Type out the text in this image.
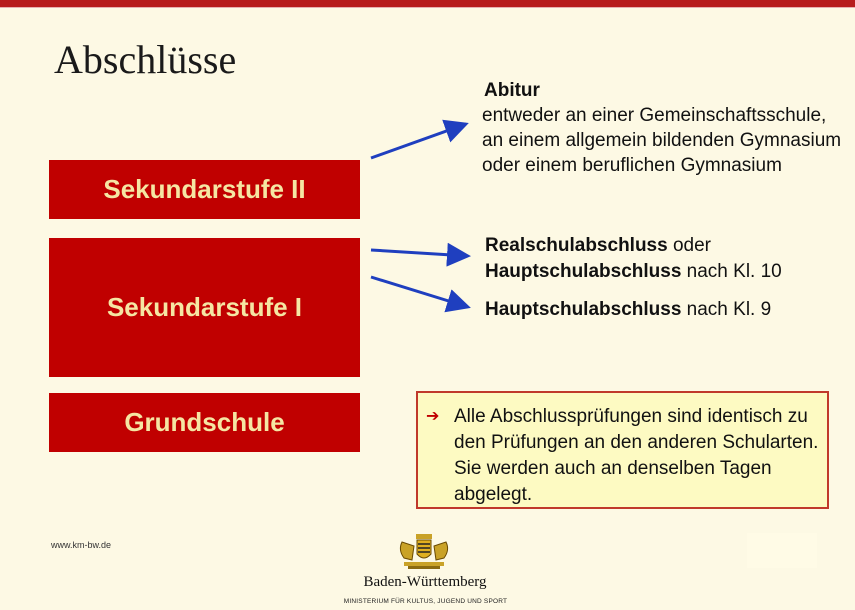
Abschlüsse
Sekundarstufe II
Sekundarstufe I
Grundschule
Abitur
entweder an einer Gemeinschaftsschule, an einem allgemein bildenden Gymnasium oder einem beruflichen Gymnasium
Realschulabschluss oder
Hauptschulabschluss nach Kl. 10
Hauptschulabschluss nach Kl. 9
➔ Alle Abschlussprüfungen sind identisch zu den Prüfungen an den anderen Schularten. Sie werden auch an denselben Tagen abgelegt.
www.km-bw.de
Baden-Württemberg
MINISTERIUM FÜR KULTUS, JUGEND UND SPORT
